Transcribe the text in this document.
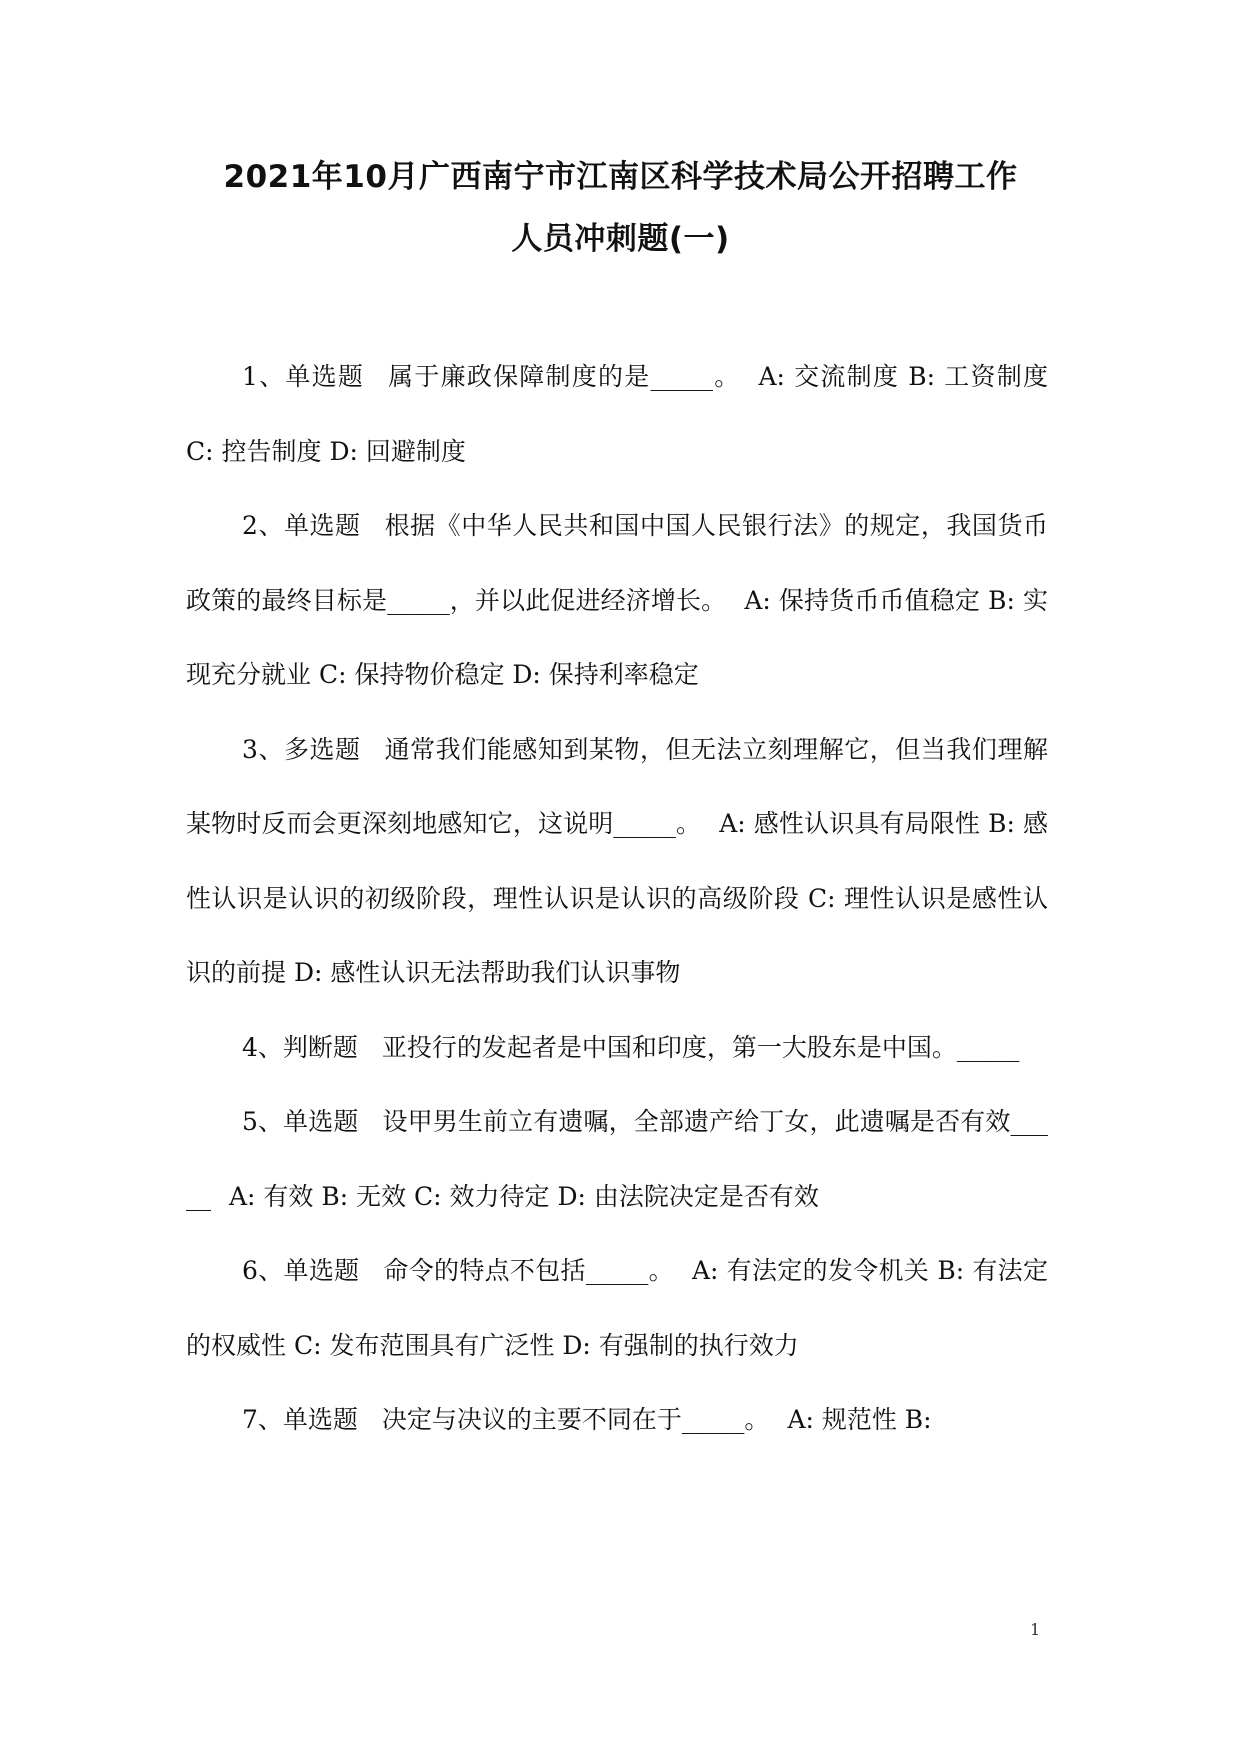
2021年10月广西南宁市江南区科学技术局公开招聘工作
人员冲刺题(一)

1、单选题 属于廉政保障制度的是_____。 A: 交流制度 B: 工资制度 C: 控告制度 D: 回避制度

2、单选题 根据《中华人民共和国中国人民银行法》的规定，我国货币政策的最终目标是_____，并以此促进经济增长。 A: 保持货币币值稳定 B: 实现充分就业 C: 保持物价稳定 D: 保持利率稳定

3、多选题 通常我们能感知到某物，但无法立刻理解它，但当我们理解某物时反而会更深刻地感知它，这说明_____。 A: 感性认识具有局限性 B: 感性认识是认识的初级阶段，理性认识是认识的高级阶段 C: 理性认识是感性认识的前提 D: 感性认识无法帮助我们认识事物

4、判断题 亚投行的发起者是中国和印度，第一大股东是中国。_____

5、单选题 设甲男生前立有遗嘱，全部遗产给丁女，此遗嘱是否有效_____ A: 有效 B: 无效 C: 效力待定 D: 由法院决定是否有效

6、单选题 命令的特点不包括_____。 A: 有法定的发令机关 B: 有法定的权威性 C: 发布范围具有广泛性 D: 有强制的执行效力

7、单选题 决定与决议的主要不同在于_____。 A: 规范性 B:

1
